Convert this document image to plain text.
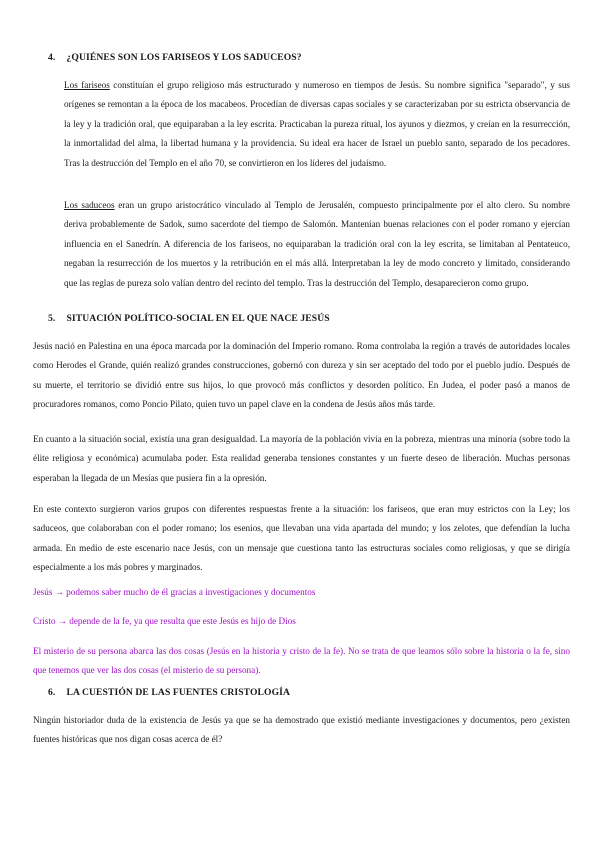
4. ¿QUIÉNES SON LOS FARISEOS Y LOS SADUCEOS?

Los fariseos constituían el grupo religioso más estructurado y numeroso en tiempos de Jesús. Su nombre significa "separado", y sus orígenes se remontan a la época de los macabeos. Procedían de diversas capas sociales y se caracterizaban por su estricta observancia de la ley y la tradición oral, que equiparaban a la ley escrita. Practicaban la pureza ritual, los ayunos y diezmos, y creían en la resurrección, la inmortalidad del alma, la libertad humana y la providencia. Su ideal era hacer de Israel un pueblo santo, separado de los pecadores. Tras la destrucción del Templo en el año 70, se convirtieron en los líderes del judaísmo.

Los saduceos eran un grupo aristocrático vinculado al Templo de Jerusalén, compuesto principalmente por el alto clero. Su nombre deriva probablemente de Sadok, sumo sacerdote del tiempo de Salomón. Mantenían buenas relaciones con el poder romano y ejercían influencia en el Sanedrín. A diferencia de los fariseos, no equiparaban la tradición oral con la ley escrita, se limitaban al Pentateuco, negaban la resurrección de los muertos y la retribución en el más allá. Interpretaban la ley de modo concreto y limitado, considerando que las reglas de pureza solo valían dentro del recinto del templo. Tras la destrucción del Templo, desaparecieron como grupo.

5. SITUACIÓN POLÍTICO-SOCIAL EN EL QUE NACE JESÚS

Jesús nació en Palestina en una época marcada por la dominación del Imperio romano. Roma controlaba la región a través de autoridades locales como Herodes el Grande, quién realizó grandes construcciones, gobernó con dureza y sin ser aceptado del todo por el pueblo judío. Después de su muerte, el territorio se dividió entre sus hijos, lo que provocó más conflictos y desorden político. En Judea, el poder pasó a manos de procuradores romanos, como Poncio Pilato, quien tuvo un papel clave en la condena de Jesús años más tarde.

En cuanto a la situación social, existía una gran desigualdad. La mayoría de la población vivía en la pobreza, mientras una minoría (sobre todo la élite religiosa y económica) acumulaba poder. Esta realidad generaba tensiones constantes y un fuerte deseo de liberación. Muchas personas esperaban la llegada de un Mesías que pusiera fin a la opresión.

En este contexto surgieron varios grupos con diferentes respuestas frente a la situación: los fariseos, que eran muy estrictos con la Ley; los saduceos, que colaboraban con el poder romano; los esenios, que llevaban una vida apartada del mundo; y los zelotes, que defendían la lucha armada. En medio de este escenario nace Jesús, con un mensaje que cuestiona tanto las estructuras sociales como religiosas, y que se dirigía especialmente a los más pobres y marginados.

Jesús → podemos saber mucho de él gracias a investigaciones y documentos

Cristo → depende de la fe, ya que resulta que este Jesús es hijo de Dios

El misterio de su persona abarca las dos cosas (Jesús en la historia y cristo de la fe). No se trata de que leamos sólo sobre la historia o la fe, sino que tenemos que ver las dos cosas (el misterio de su persona).

6. LA CUESTIÓN DE LAS FUENTES CRISTOLOGÍA

Ningún historiador duda de la existencia de Jesús ya que se ha demostrado que existió mediante investigaciones y documentos, pero ¿existen fuentes históricas que nos digan cosas acerca de él?
